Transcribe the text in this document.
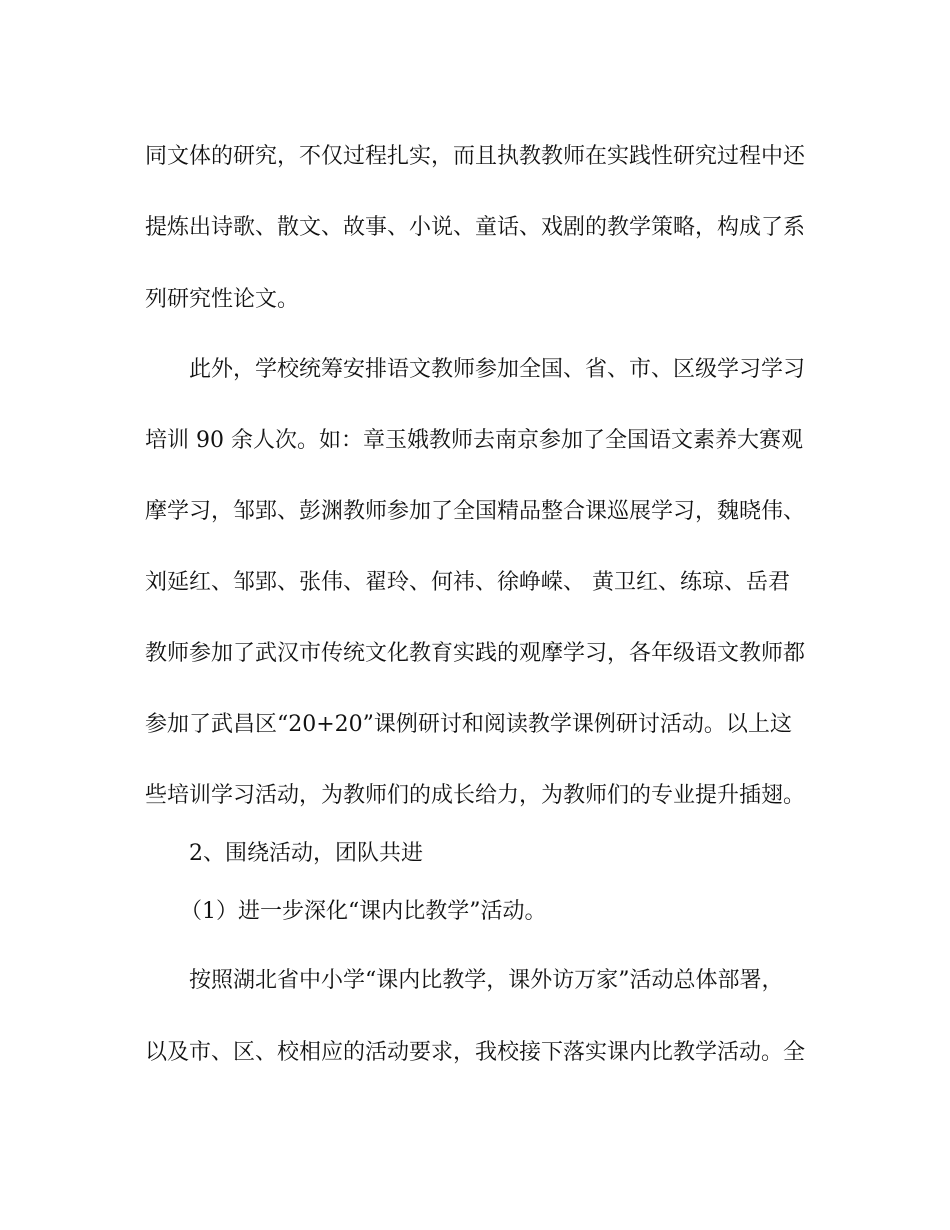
同文体的研究，不仅过程扎实，而且执教教师在实践性研究过程中还

提炼出诗歌、散文、故事、小说、童话、戏剧的教学策略，构成了系

列研究性论文。

此外，学校统筹安排语文教师参加全国、省、市、区级学习学习

培训 90 余人次。如：章玉娥教师去南京参加了全国语文素养大赛观

摩学习，邹郢、彭渊教师参加了全国精品整合课巡展学习，魏晓伟、

刘延红、邹郢、张伟、翟玲、何祎、徐峥嵘、 黄卫红、练琼、岳君

教师参加了武汉市传统文化教育实践的观摩学习，各年级语文教师都

参加了武昌区“20+20”课例研讨和阅读教学课例研讨活动。以上这

些培训学习活动，为教师们的成长给力，为教师们的专业提升插翅。

2、围绕活动，团队共进

（1）进一步深化“课内比教学”活动。

按照湖北省中小学“课内比教学，课外访万家”活动总体部署，

以及市、区、校相应的活动要求，我校接下落实课内比教学活动。全
